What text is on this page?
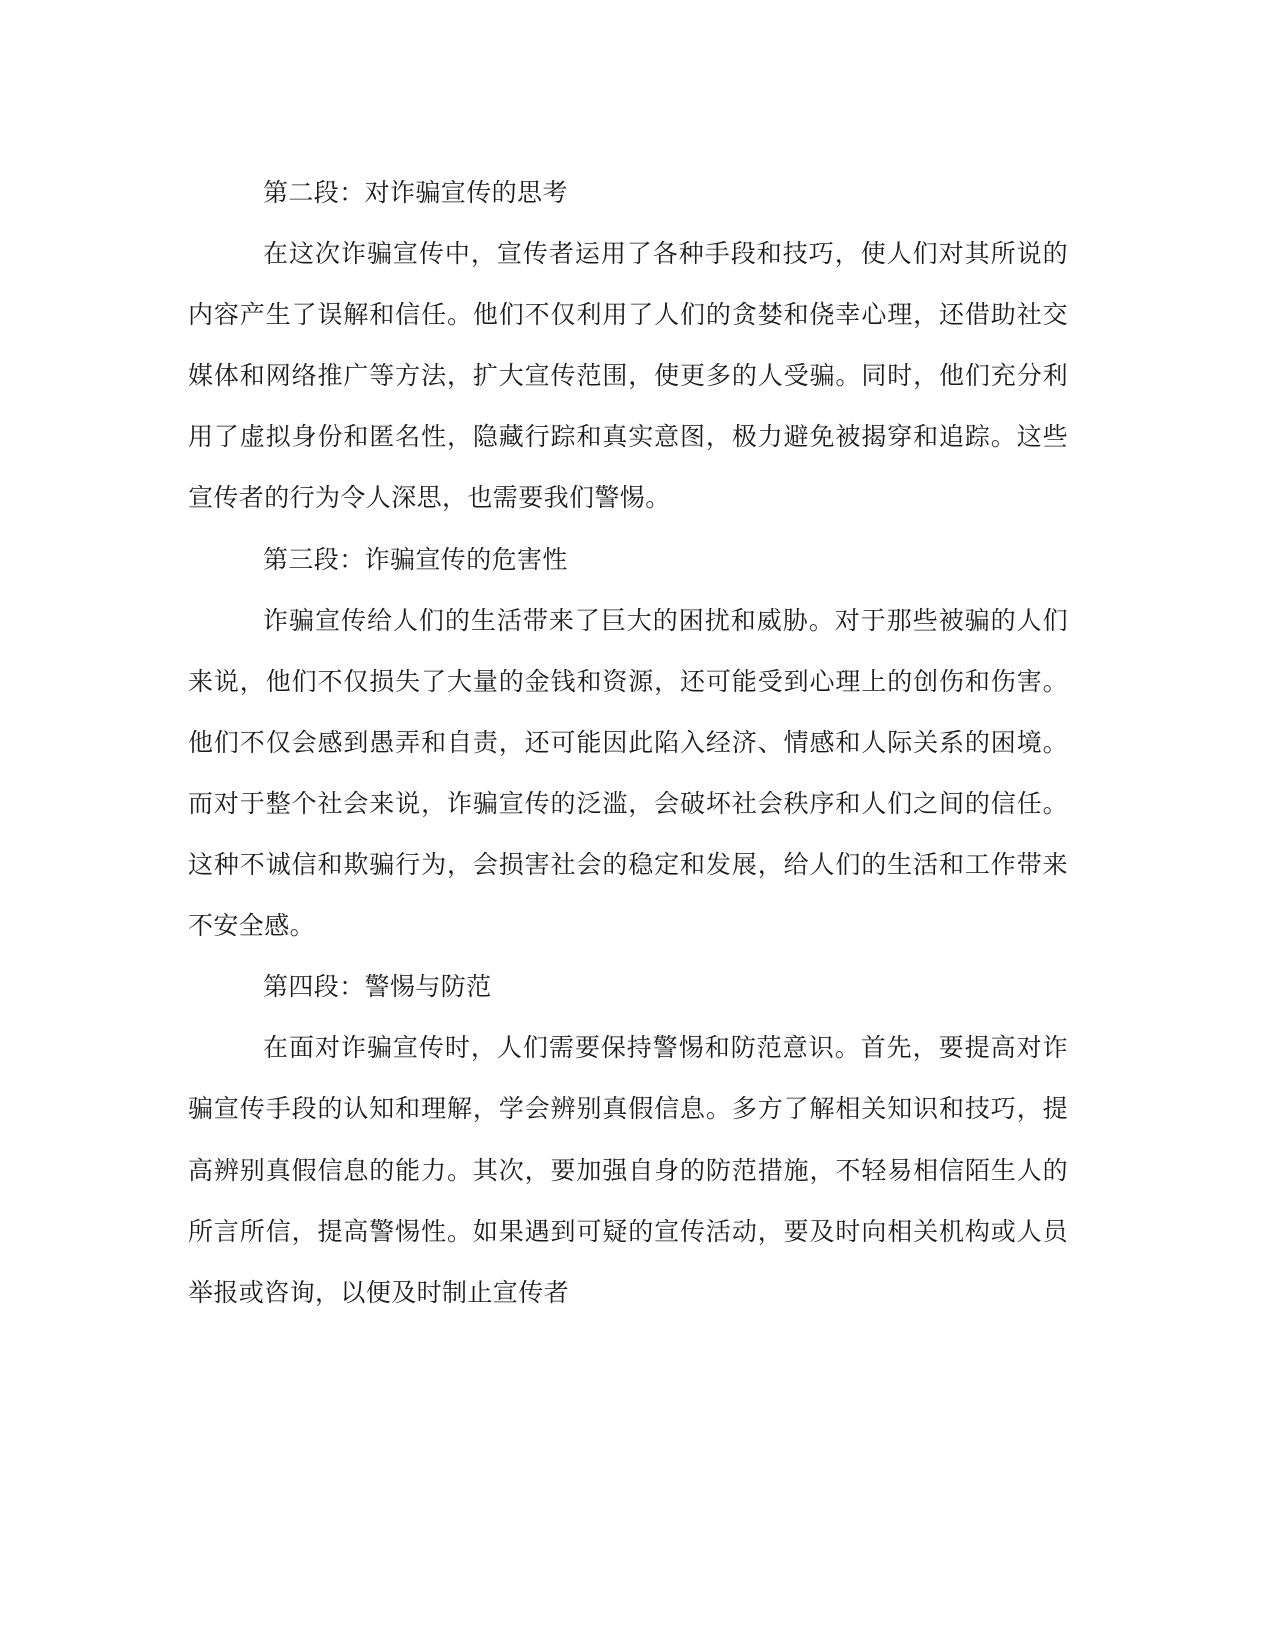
第二段：对诈骗宣传的思考

在这次诈骗宣传中，宣传者运用了各种手段和技巧，使人们对其所说的内容产生了误解和信任。他们不仅利用了人们的贪婪和侥幸心理，还借助社交媒体和网络推广等方法，扩大宣传范围，使更多的人受骗。同时，他们充分利用了虚拟身份和匿名性，隐藏行踪和真实意图，极力避免被揭穿和追踪。这些宣传者的行为令人深思，也需要我们警惕。

第三段：诈骗宣传的危害性

诈骗宣传给人们的生活带来了巨大的困扰和威胁。对于那些被骗的人们来说，他们不仅损失了大量的金钱和资源，还可能受到心理上的创伤和伤害。他们不仅会感到愚弄和自责，还可能因此陷入经济、情感和人际关系的困境。而对于整个社会来说，诈骗宣传的泛滥，会破坏社会秩序和人们之间的信任。这种不诚信和欺骗行为，会损害社会的稳定和发展，给人们的生活和工作带来不安全感。

第四段：警惕与防范

在面对诈骗宣传时，人们需要保持警惕和防范意识。首先，要提高对诈骗宣传手段的认知和理解，学会辨别真假信息。多方了解相关知识和技巧，提高辨别真假信息的能力。其次，要加强自身的防范措施，不轻易相信陌生人的所言所信，提高警惕性。如果遇到可疑的宣传活动，要及时向相关机构或人员举报或咨询，以便及时制止宣传者
